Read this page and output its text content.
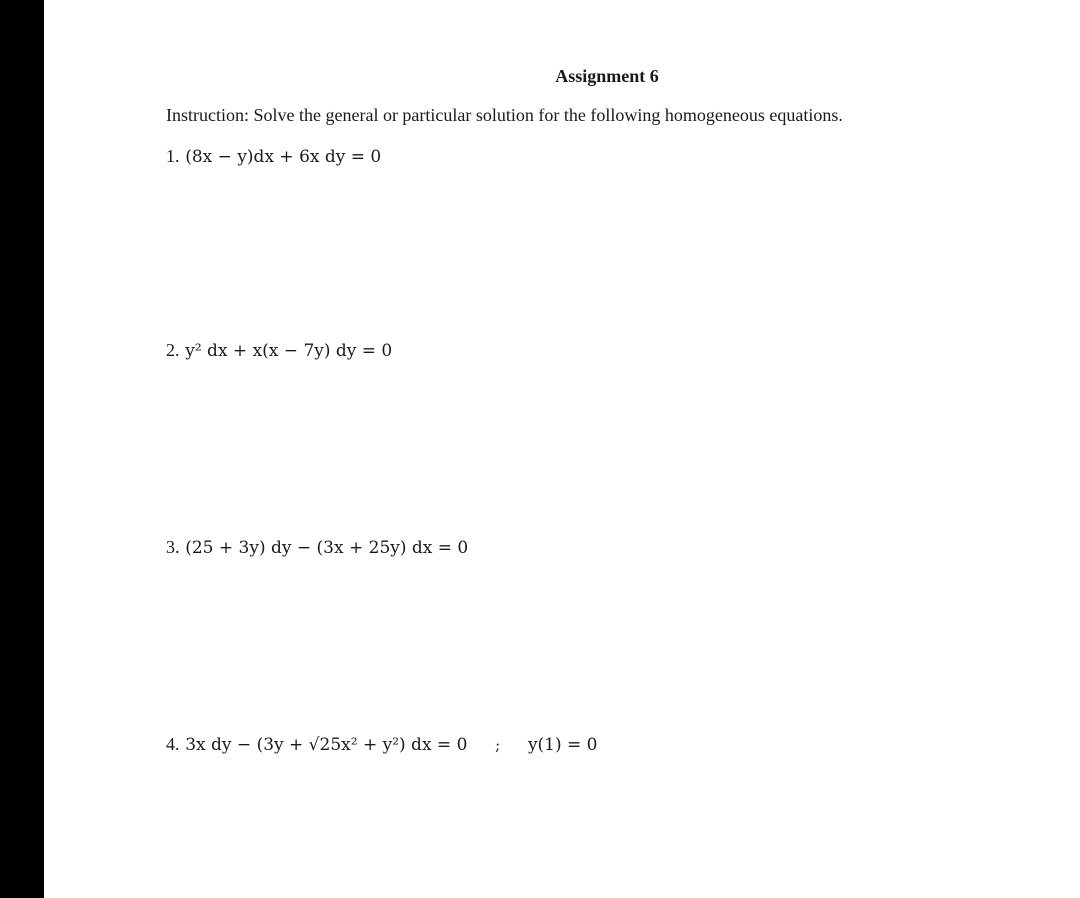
Assignment 6
Instruction: Solve the general or particular solution for the following homogeneous equations.
1. (8x − y)dx + 6x dy = 0
2. y² dx + x(x − 7y) dy = 0
3. (25 + 3y) dy − (3x + 25y) dx = 0
4. 3x dy − (3y + √25x² + y²) dx = 0 ; y(1) = 0
